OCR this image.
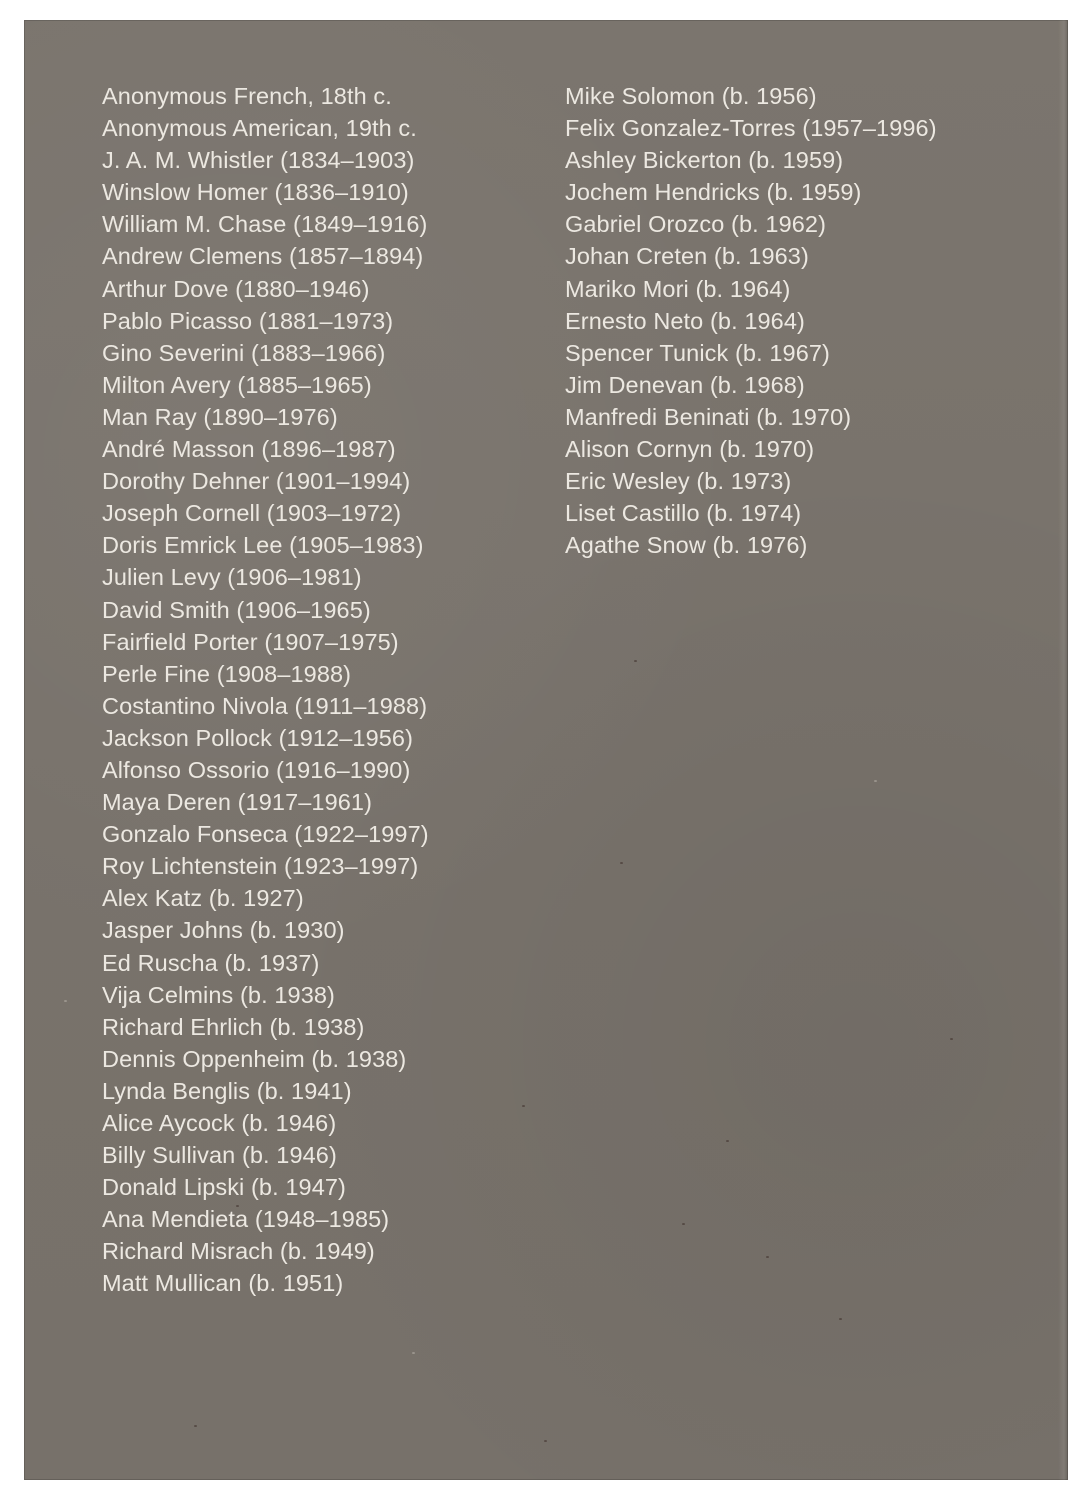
Anonymous French, 18th c.
Anonymous American, 19th c.
J. A. M. Whistler (1834–1903)
Winslow Homer (1836–1910)
William M. Chase (1849–1916)
Andrew Clemens (1857–1894)
Arthur Dove (1880–1946)
Pablo Picasso (1881–1973)
Gino Severini (1883–1966)
Milton Avery (1885–1965)
Man Ray (1890–1976)
André Masson (1896–1987)
Dorothy Dehner (1901–1994)
Joseph Cornell (1903–1972)
Doris Emrick Lee (1905–1983)
Julien Levy (1906–1981)
David Smith (1906–1965)
Fairfield Porter (1907–1975)
Perle Fine (1908–1988)
Costantino Nivola (1911–1988)
Jackson Pollock (1912–1956)
Alfonso Ossorio (1916–1990)
Maya Deren (1917–1961)
Gonzalo Fonseca (1922–1997)
Roy Lichtenstein (1923–1997)
Alex Katz (b. 1927)
Jasper Johns (b. 1930)
Ed Ruscha (b. 1937)
Vija Celmins (b. 1938)
Richard Ehrlich (b. 1938)
Dennis Oppenheim (b. 1938)
Lynda Benglis (b. 1941)
Alice Aycock (b. 1946)
Billy Sullivan (b. 1946)
Donald Lipski (b. 1947)
Ana Mendieta (1948–1985)
Richard Misrach (b. 1949)
Matt Mullican (b. 1951)
Mike Solomon (b. 1956)
Felix Gonzalez-Torres (1957–1996)
Ashley Bickerton (b. 1959)
Jochem Hendricks (b. 1959)
Gabriel Orozco (b. 1962)
Johan Creten (b. 1963)
Mariko Mori (b. 1964)
Ernesto Neto (b. 1964)
Spencer Tunick (b. 1967)
Jim Denevan (b. 1968)
Manfredi Beninati (b. 1970)
Alison Cornyn (b. 1970)
Eric Wesley (b. 1973)
Liset Castillo (b. 1974)
Agathe Snow (b. 1976)
